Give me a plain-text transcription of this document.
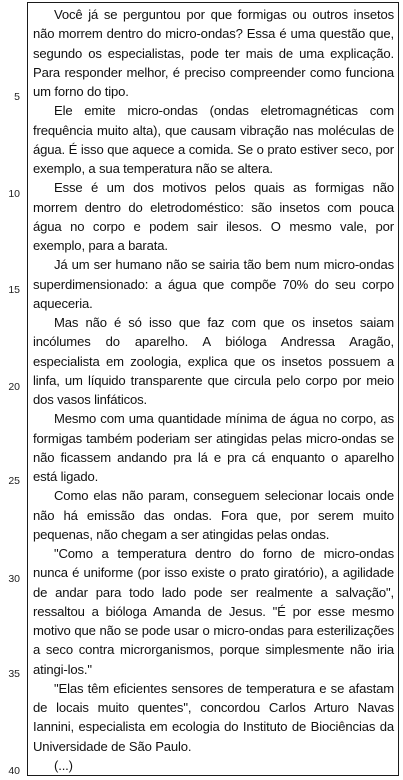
5
10
15
20
25
30
35
40

Você já se perguntou por que formigas ou outros insetos não morrem dentro do micro-ondas? Essa é uma questão que, segundo os especialistas, pode ter mais de uma explicação. Para responder melhor, é preciso compreender como funciona um forno do tipo.

Ele emite micro-ondas (ondas eletromagnéticas com frequência muito alta), que causam vibração nas moléculas de água. É isso que aquece a comida. Se o prato estiver seco, por exemplo, a sua temperatura não se altera.

Esse é um dos motivos pelos quais as formigas não morrem dentro do eletrodoméstico: são insetos com pouca água no corpo e podem sair ilesos. O mesmo vale, por exemplo, para a barata.

Já um ser humano não se sairia tão bem num micro-ondas superdimensionado: a água que compõe 70% do seu corpo aqueceria.

Mas não é só isso que faz com que os insetos saiam incólumes do aparelho. A bióloga Andressa Aragão, especialista em zoologia, explica que os insetos possuem a linfa, um líquido transparente que circula pelo corpo por meio dos vasos linfáticos.

Mesmo com uma quantidade mínima de água no corpo, as formigas também poderiam ser atingidas pelas micro-ondas se não ficassem andando pra lá e pra cá enquanto o aparelho está ligado.

Como elas não param, conseguem selecionar locais onde não há emissão das ondas. Fora que, por serem muito pequenas, não chegam a ser atingidas pelas ondas.

"Como a temperatura dentro do forno de micro-ondas nunca é uniforme (por isso existe o prato giratório), a agilidade de andar para todo lado pode ser realmente a salvação", ressaltou a bióloga Amanda de Jesus. "É por esse mesmo motivo que não se pode usar o micro-ondas para esterilizações a seco contra microrganismos, porque simplesmente não iria atingi-los."

"Elas têm eficientes sensores de temperatura e se afastam de locais muito quentes", concordou Carlos Arturo Navas Iannini, especialista em ecologia do Instituto de Biociências da Universidade de São Paulo.

(...)
